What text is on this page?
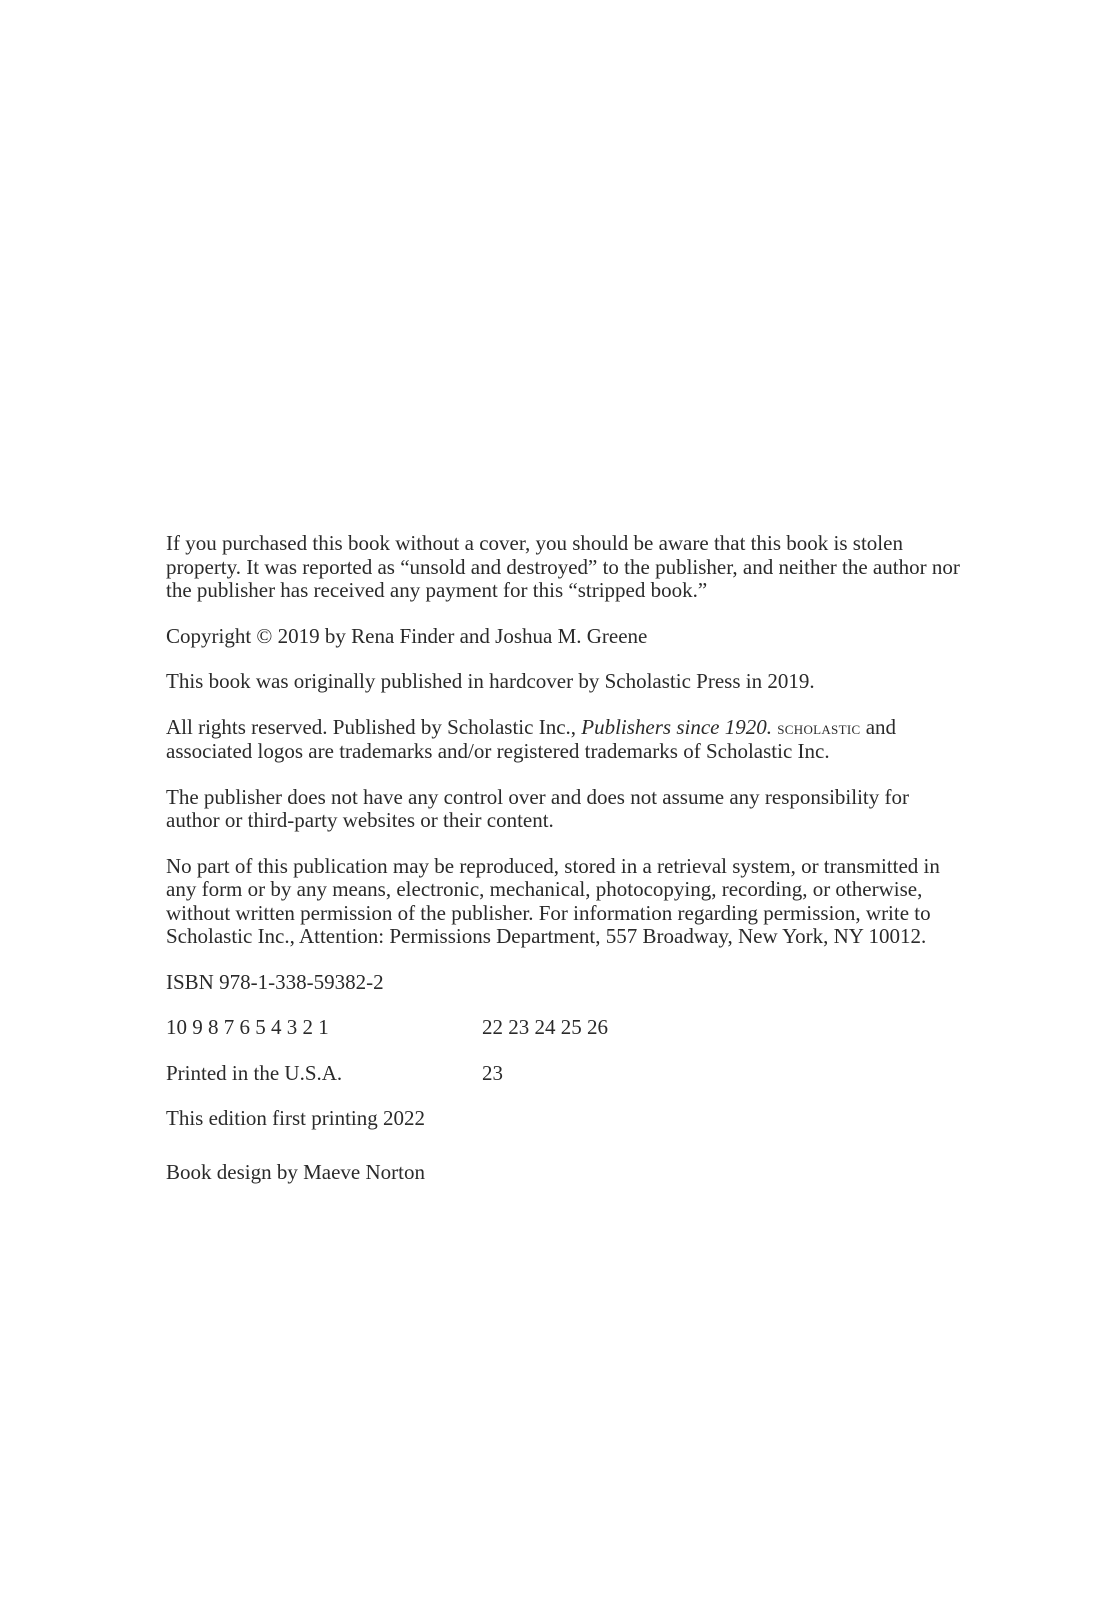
If you purchased this book without a cover, you should be aware that this book is stolen property. It was reported as “unsold and destroyed” to the publisher, and neither the author nor the publisher has received any payment for this “stripped book.”

Copyright © 2019 by Rena Finder and Joshua M. Greene

This book was originally published in hardcover by Scholastic Press in 2019.

All rights reserved. Published by Scholastic Inc., Publishers since 1920. scholastic and associated logos are trademarks and/or registered trademarks of Scholastic Inc.

The publisher does not have any control over and does not assume any responsibility for author or third-party websites or their content.

No part of this publication may be reproduced, stored in a retrieval system, or transmitted in any form or by any means, electronic, mechanical, photocopying, recording, or otherwise, without written permission of the publisher. For information regarding permission, write to Scholastic Inc., Attention: Permissions Department, 557 Broadway, New York, NY 10012.

ISBN 978-1-338-59382-2

10 9 8 7 6 5 4 3 2 1	22 23 24 25 26
Printed in the U.S.A.	23

This edition first printing 2022

Book design by Maeve Norton
